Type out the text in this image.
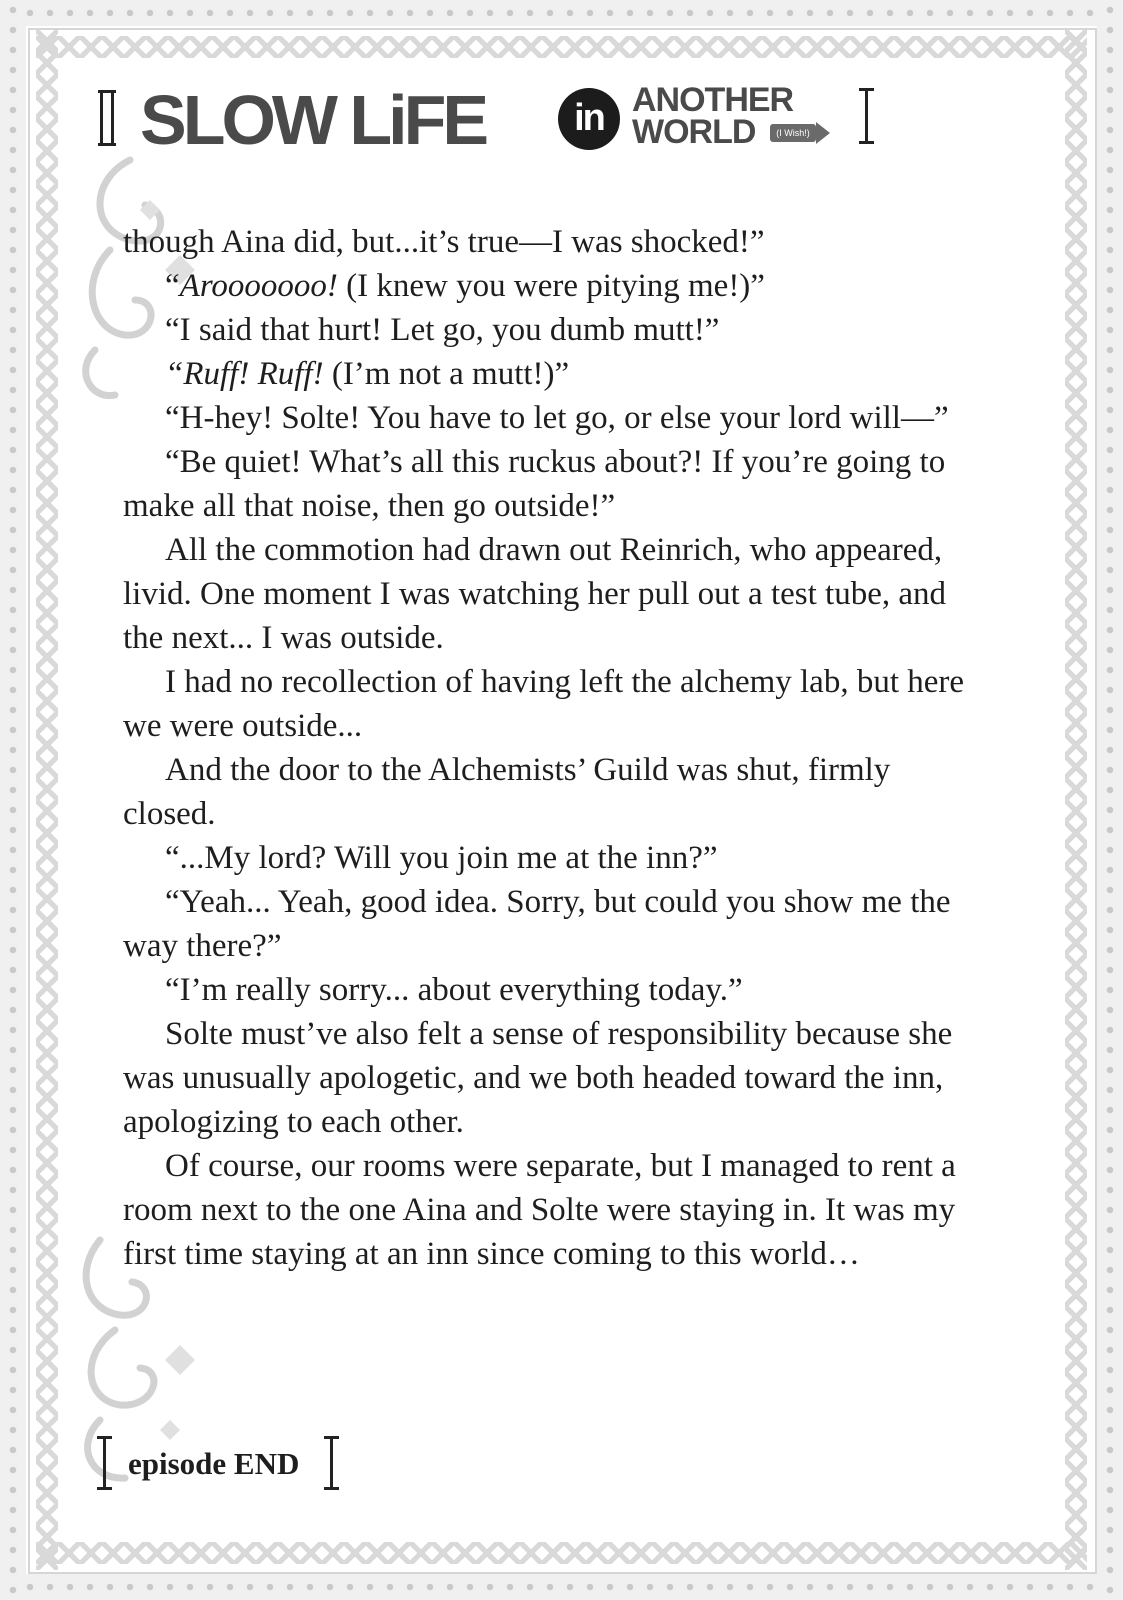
SLOW LiFE	in ANOTHER
WORLD	(I Wish!)

though Aina did, but...it’s true—I was shocked!”

“Arooooooo! (I knew you were pitying me!)”

“I said that hurt! Let go, you dumb mutt!”

“Ruff! Ruff! (I’m not a mutt!)”

“H-hey! Solte! You have to let go, or else your lord will—”

“Be quiet! What’s all this ruckus about?! If you’re going to make all that noise, then go outside!”

All the commotion had drawn out Reinrich, who appeared, livid. One moment I was watching her pull out a test tube, and the next... I was outside.

I had no recollection of having left the alchemy lab, but here we were outside...

And the door to the Alchemists’ Guild was shut, firmly closed.

“...My lord? Will you join me at the inn?”

“Yeah... Yeah, good idea. Sorry, but could you show me the way there?”

“I’m really sorry... about everything today.”

Solte must’ve also felt a sense of responsibility because she was unusually apologetic, and we both headed toward the inn, apologizing to each other.

Of course, our rooms were separate, but I managed to rent a room next to the one Aina and Solte were staying in. It was my first time staying at an inn since coming to this world…

episode END
